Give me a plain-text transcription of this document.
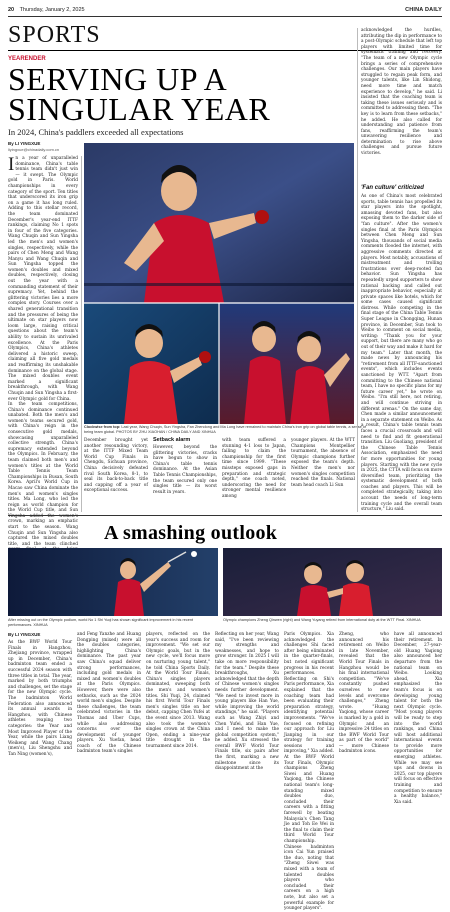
20 Thursday, January 2, 2025	CHINA DAILY
SPORTS
YEARENDER
SERVING UP A SINGULAR YEAR
In 2024, China's paddlers exceeded all expectations
By LI YINGXUE
liyingxue@chinadaily.com.cn
In a year of unparalleled dominance, China's table tennis team didn't just win — it swept. The Olympic gold in Paris. World championships in every category of the sport. Ten titles that underscored its iron grip on a game it has long ruled. Adding to this stellar record, the team dominated December's year-end ITTF rankings, claiming No 1 spots in four of the five categories. Wang Chuqin and Sun Yingsha led the men's and women's singles, respectively, while the pairs of Chen Meng and Wang Manyu and Wang Chuqin and Sun Yingsha topped the women's doubles and mixed doubles, respectively, closing out the year with a commanding statement of their supremacy. Yet, behind the glittering victories lies a more complex story. Courses over a shared generational transition and the pressures of being the ultimate on star players now loom large, raising critical questions about the team's ability to sustain its unrivaled excellence. At the Paris Olympics, China's athletes delivered a historic sweep, claiming all five gold medals and reaffirming its unshakable dominance on the global stage. The mixed doubles event marked a significant breakthrough, with Wang Chuqin and Sun Yingsha a first-ever Olympic gold for China.
In the team competitions, China's dominance continued unabated. Both the men's and women's teams secured gold, with China's reign in the consecutive gold medals, showcasing unparalleled collective strength. China's supremacy extended beyond the Olympics. In February, the team claimed both men's and women's titles at the World Table Tennis Team Championships in Busan, South Korea. April's World Cup in Macao saw China dominate the men's and women's singles titles. Ma Long, who led the reign as world champion for the World Cup title, and Sun Yingsha added the women's crown, marking an emphatic start to the season. Wang Chuqin and Sun Yingsha also captured the mixed doubles title, and the team clinched
Clockwise from top: Last year, Wang Chuqin, Sun Yingsha, Fan Zhendong and Ma Long have remained to maintain China's iron grip on global table tennis, a sense of being team global. PHOTOS BY ZHU XIAOHAN / CHINA DAILY AND XINHUA
December brought yet another resounding victory, at the ITTF Mixed Team World Cup Finals in Chengdu, Sichuan province, China decisively defeated rival South Korea, 8-1, to seal its back-to-back title and capping off a year of exceptional success.
Setback alarm
However, beyond the glittering victories, cracks have begun to show in China's table tennis dominance. At the Asian Table Tennis Championships, the team secured only one singles title — its worst result in years.
with team suffered a stunning 4-1 loss to Japan, failing to claim the championship for the first time since 1999. "These missteps exposed gaps in preparation and strategic depth," one coach noted, underscoring the need for stronger mental resilience among
younger players. At the WTT Champions Montpellier tournament, the absence of Olympic champions further exposed the team's depth. Neither the men's nor women's singles competition reached the finals. National team head coach Li Sun
acknowledged the hurdles, attributing the dip in performance to a post-Olympic schedule that left top players with limited time for systematic training and recovery. "The team of a new Olympic cycle brings a series of comprehensive challenges. Our main players have struggled to regain peak form, and younger talents, like Lin Shidong, need more time and match experience to develop," he said. Li insisted that the coaching team is taking these issues seriously and is committed to addressing them. "The key is to learn from these setbacks," he added. He also called for understanding and patience from fans, reaffirming the team's unwavering resilience and determination to rise above challenges and pursue future victories.
'Fan culture' criticized
As one of China's most celebrated sports, table tennis has propelled its star players into the spotlight, amassing devoted fans, but also exposing them to the darker side of "fan culture". After the women's singles final at the Paris Olympics between Chen Meng and Sun Yingsha, thousands of social media comments flooded the internet, with aggressive comments directed at players. Most notably, accusations of mistreatment and trolling frustrations over deep-rooted fan behavior. Sun Yingsha has repeatedly urged supporters to show rational backing and called out inappropriate behavior, especially at private spaces like hotels, which for some cases caused significant distress. While competing in the final stage of the China Table Tennis Super League in Chongqing, Hunan province, in December, Sun took to Weibo to comment on social media, writing: "Thank you for your support, but there are many who go out of their way and make it hard for my team." Later that month, the made news by announcing his "retirement from all ITTF-sanctioned events", which includes events sanctioned by WTT. "Apart from committing to the Chinese national team, I have no specific plans for my future career yet," he wrote on Weibo. "I'm still here, not retiring, and will continue striving in different arenas." On the same day, Chen made a similar announcement in a separate statement on Weibo. As a result, China's table tennis team faces a crucial crossroads and will need to find and fit generational transition. Liu Guoliang, president of the Chinese Table Tennis Association, emphasized the need for more opportunities for young players. Starting with the new cycle in 2025, the CTTA will focus on more diversified team, prioritizing the systematic development of both coaches and players. This will be completed strategically, taking into account the needs of long-term training cycle and the overall team structure," Liu said.
A smashing outlook
After missing out on the Olympic podium, world No 1 Shi Yuqi has shown significant improvement in his recent performances. XINHUA
Olympic champions Zheng Qinwen (right) and Wang Yuyang retired from international duty at the WTT Final. XINHUA
By LI YINGXUE
As the BWF World Tour Finals in Hangzhou, Zhejiang province, wrapped up in December, China's badminton team ended a successful 2024 season with three titles in total. The year, marked by both triumphs and challenges, set the stage for the new Olympic cycle. The badminton World Federation also announced its annual awards in Hangzhou, with Chinese athletes reaping two categories: the Year and Most Improved Player of the Year, while the pairs Liang Weikeng and Wang Chang (men's), Liu Shengshu and Tan Ning (women's),
and Feng Yanzhe and Huang Dongping (mixed) were all the doubles categories, highlighting China's dominance. The past year saw China's squad deliver strong performances, including gold medals in mixed and women's doubles at the Paris Olympics. However, there were also setbacks, such as the 2024 world men's singles. Despite these challenges, the team celebrated victories in the Thomas and Uber Cups, while also addressing concerns over the development of younger players. Xu Yuefan, head coach of the Chinese badminton team's singles
players, reflected on the year's success and room for improvement. "We set our Olympic goals, but in the new cycle, we'll focus more on nurturing young talent," he told China Sports Daily. At the World Tour Finals, China's singles players dominated, sweeping both the men's and women's titles. Shi Yuqi, 24, claimed his first World Tour Finals men's singles title on her debut, capping Chen Yufei at the event since 2013. Wang also took the women's singles crown at the China Open, ending a nine-year title drought in the tournament since 2014.
Reflecting on her year, Wang said, "I've been reviewing my strengths and weaknesses, and hope to grow stronger. In 2025 I will take on more responsibility for the team." Despite these breakthroughs, Xu acknowledged that the depth of Chinese women's singles needs further development. "We need to invest more in young players like Han Yue, while improving the world standings," he said. "Players such as Wang Zhiyi and Chen Yufei, and Han Yue, and I need to make the global competition system," he added. Xu stressed the overall BWF World Tour Finals title, six pairs after the first, marking a new milestone since its disappointment at the
Paris Olympics. Xia acknowledged the challenges Shi faced after being eliminated in the quarter-finals, but noted significant progress in his recent performances. Reflecting on Shi's Paris performance, Xia explained that the coaching team had been evaluating their preparation strategy, identifying potential improvements. "We've focused on refining our approach for Liu Jianping in our strategy for training sessions and improving," Xia added. At the BWF World Tour Finals, Olympic champions Zheng Siwei and Huang Yaqiong, the Chinese national team's long-standing mixed doubles duo, concluded their careers with a fitting farewell by beating Malaysia's Chen Tang Jie and Toh Ee Wei in the final to claim their third World Tour championship. Chinese badminton icon Cai Yun praised the duo, noting that "Zheng Siwei was mixed with a team of talented doubles players who concluded their careers on a high note, but also set a powerful example for younger players".
Zheng, who announced his retirement on Weibo in late November, revealed that the World Tour Finals in Hangzhou would be his final international competition. "We've constantly pushed ourselves to new levels and overcome challenges," Zheng wrote. "Huang Yaqiong, whose career is marked by a gold in Olympic and an impressive 24 titles on the BWF World Tour as part of the world" — more Chinese badminton icons.
have all announced their retirement. In December, 27-year-old Huang Yaqiong also announced her departure from the national team on Weibo. Looking ahead, Xia emphasized the team's focus is on developing young talent for both the next Olympic cycle. "Most young players will be ready to step into the world rankings, and China will host additional international events to provide more opportunities for emerging athletes. While we may see ups and downs in 2025, our top players will focus on effective training and competition to ensure a healthy balance," Xia said.
